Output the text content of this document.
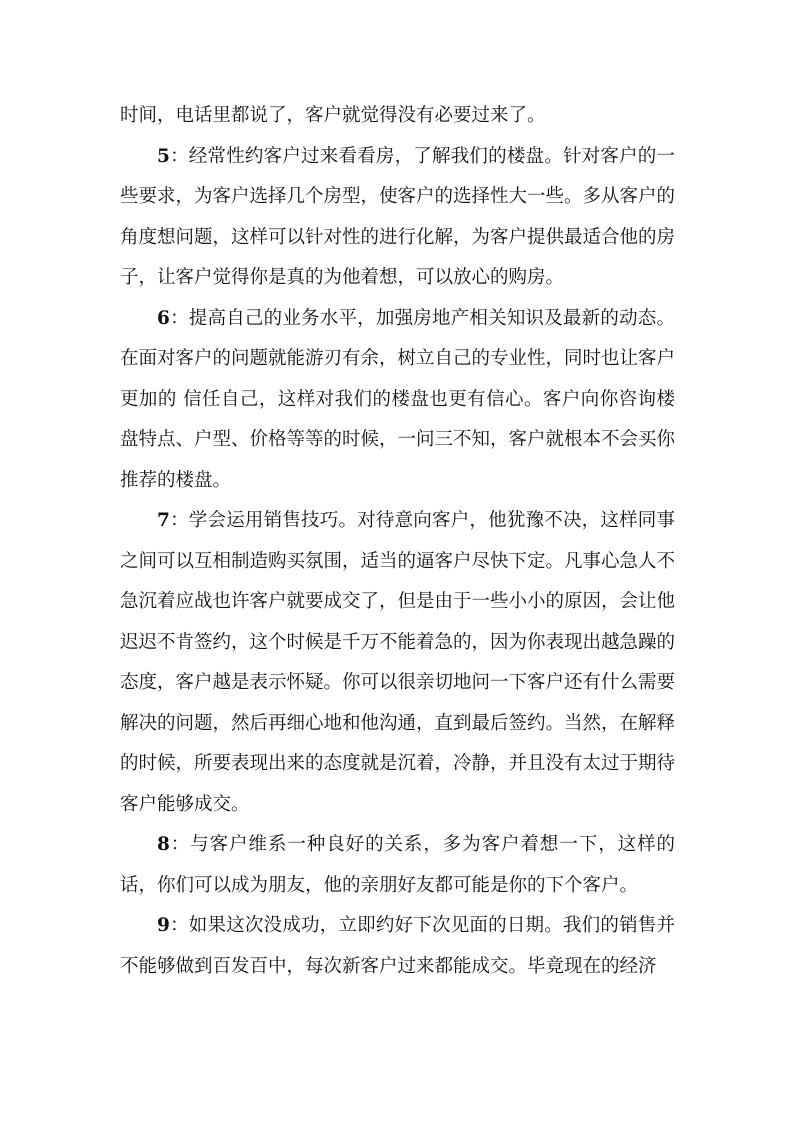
时间，电话里都说了，客户就觉得没有必要过来了。

5：经常性约客户过来看看房，了解我们的楼盘。针对客户的一些要求，为客户选择几个房型，使客户的选择性大一些。多从客户的角度想问题，这样可以针对性的进行化解，为客户提供最适合他的房子，让客户觉得你是真的为他着想，可以放心的购房。

6：提高自己的业务水平，加强房地产相关知识及最新的动态。在面对客户的问题就能游刃有余，树立自己的专业性，同时也让客户更加的 信任自己，这样对我们的楼盘也更有信心。客户向你咨询楼盘特点、户型、价格等等的时候，一问三不知，客户就根本不会买你推荐的楼盘。

7：学会运用销售技巧。对待意向客户，他犹豫不决，这样同事之间可以互相制造购买氛围，适当的逼客户尽快下定。凡事心急人不急沉着应战也许客户就要成交了，但是由于一些小小的原因，会让他迟迟不肯签约，这个时候是千万不能着急的，因为你表现出越急躁的态度，客户越是表示怀疑。你可以很亲切地问一下客户还有什么需要解决的问题，然后再细心地和他沟通，直到最后签约。当然，在解释的时候，所要表现出来的态度就是沉着，冷静，并且没有太过于期待客户能够成交。

8：与客户维系一种良好的关系，多为客户着想一下，这样的话，你们可以成为朋友，他的亲朋好友都可能是你的下个客户。

9：如果这次没成功，立即约好下次见面的日期。我们的销售并不能够做到百发百中，每次新客户过来都能成交。毕竟现在的经济
